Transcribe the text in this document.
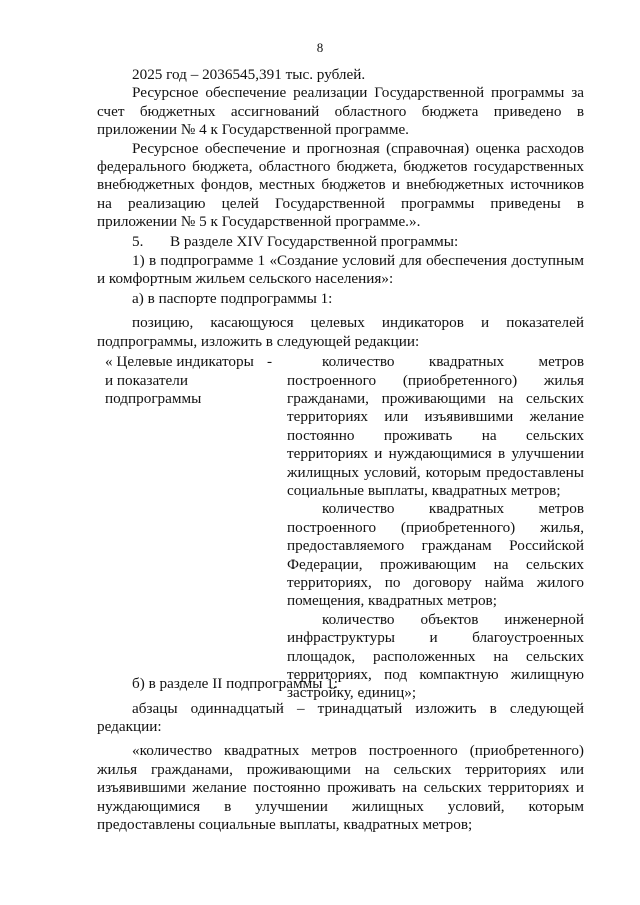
8

2025 год – 2036545,391 тыс. рублей.

Ресурсное обеспечение реализации Государственной программы за счет бюджетных ассигнований областного бюджета приведено в приложении № 4 к Государственной программе.

Ресурсное обеспечение и прогнозная (справочная) оценка расходов федерального бюджета, областного бюджета, бюджетов государственных внебюджетных фондов, местных бюджетов и внебюджетных источников на реализацию целей Государственной программы приведены в приложении № 5 к Государственной программе.».

5.       В разделе XIV Государственной программы:

1) в подпрограмме 1 «Создание условий для обеспечения доступным и комфортным жильем сельского населения»:

а) в паспорте подпрограммы 1:

позицию, касающуюся целевых индикаторов и показателей подпрограммы, изложить в следующей редакции:

« Целевые индикаторы и показатели подпрограммы
-	количество квадратных метров построенного (приобретенного) жилья гражданами, проживающими на сельских территориях или изъявившими желание постоянно проживать на сельских территориях и нуждающимися в улучшении жилищных условий, которым предоставлены социальные выплаты, квадратных метров;

количество квадратных метров построенного (приобретенного) жилья, предоставляемого гражданам Российской Федерации, проживающим на сельских территориях, по договору найма жилого помещения, квадратных метров;

количество объектов инженерной инфраструктуры и благоустроенных площадок, расположенных на сельских территориях, под компактную жилищную застройку, единиц»;

б) в разделе II подпрограммы 1:

абзацы одиннадцатый – тринадцатый изложить в следующей редакции:

«количество квадратных метров построенного (приобретенного) жилья гражданами, проживающими на сельских территориях или изъявившими желание постоянно проживать на сельских территориях и нуждающимися в улучшении жилищных условий, которым предоставлены социальные выплаты, квадратных метров;
